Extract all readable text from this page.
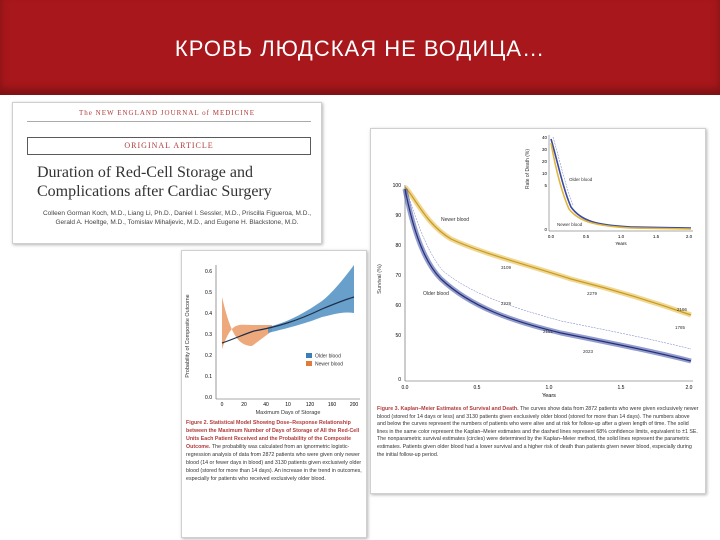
КРОВЬ ЛЮДСКАЯ НЕ ВОДИЦА…
The NEW ENGLAND JOURNAL of MEDICINE
ORIGINAL ARTICLE
Duration of Red-Cell Storage and Complications after Cardiac Surgery
Colleen Gorman Koch, M.D., Liang Li, Ph.D., Daniel I. Sessler, M.D., Priscilla Figueroa, M.D., Gerald A. Hoeltge, M.D., Tomislav Mihaljevic, M.D., and Eugene H. Blackstone, M.D.
Probability of Composite Outcome
0.6
0.5
0.4
0.3
0.2
0.1
0.0
Older blood
Newer blood
0	20	40	10	120	160	200
Maximum Days of Storage
Figure 2. Statistical Model Showing Dose–Response Relationship between the Maximum Number of Days of Storage of All the Red-Cell Units Each Patient Received and the Probability of the Composite Outcome. The probability was calculated from an ignormetric logistic-regression analysis of data from 2872 patients who were given only newer blood (14 or fewer days in blood) and 3130 patients given exclusively older blood (stored for more than 14 days). An increase in the trend in outcomes, especially for patients who received exclusively older blood.
Rate of Death (%)
40
30
20
10
5
0
Older blood
Newer blood
0.0	0.5	1.0	1.5	2.0
Years
Survival (%)
100
90
80
70
60
50
0
Newer blood
Older blood
3109
2279
2196
2229
2151
1785
2023
0.0	0.5	1.0	1.5	2.0
Years
Figure 3. Kaplan–Meier Estimates of Survival and Death. The curves show data from 2872 patients who were given exclusively newer blood (stored for 14 days or less) and 3130 patients given exclusively older blood (stored for more than 14 days). The numbers above and below the curves represent the numbers of patients who were alive and at risk for follow-up after a given length of time. The solid lines in the same color represent the Kaplan–Meier estimates and the dashed lines represent 68% confidence limits, equivalent to ±1 SE. The nonparametric survival estimates (circles) were determined by the Kaplan–Meier method, the solid lines represent the parametric estimates. Patients given older blood had a lower survival and a higher risk of death than patients given newer blood, especially during the initial follow-up period.
